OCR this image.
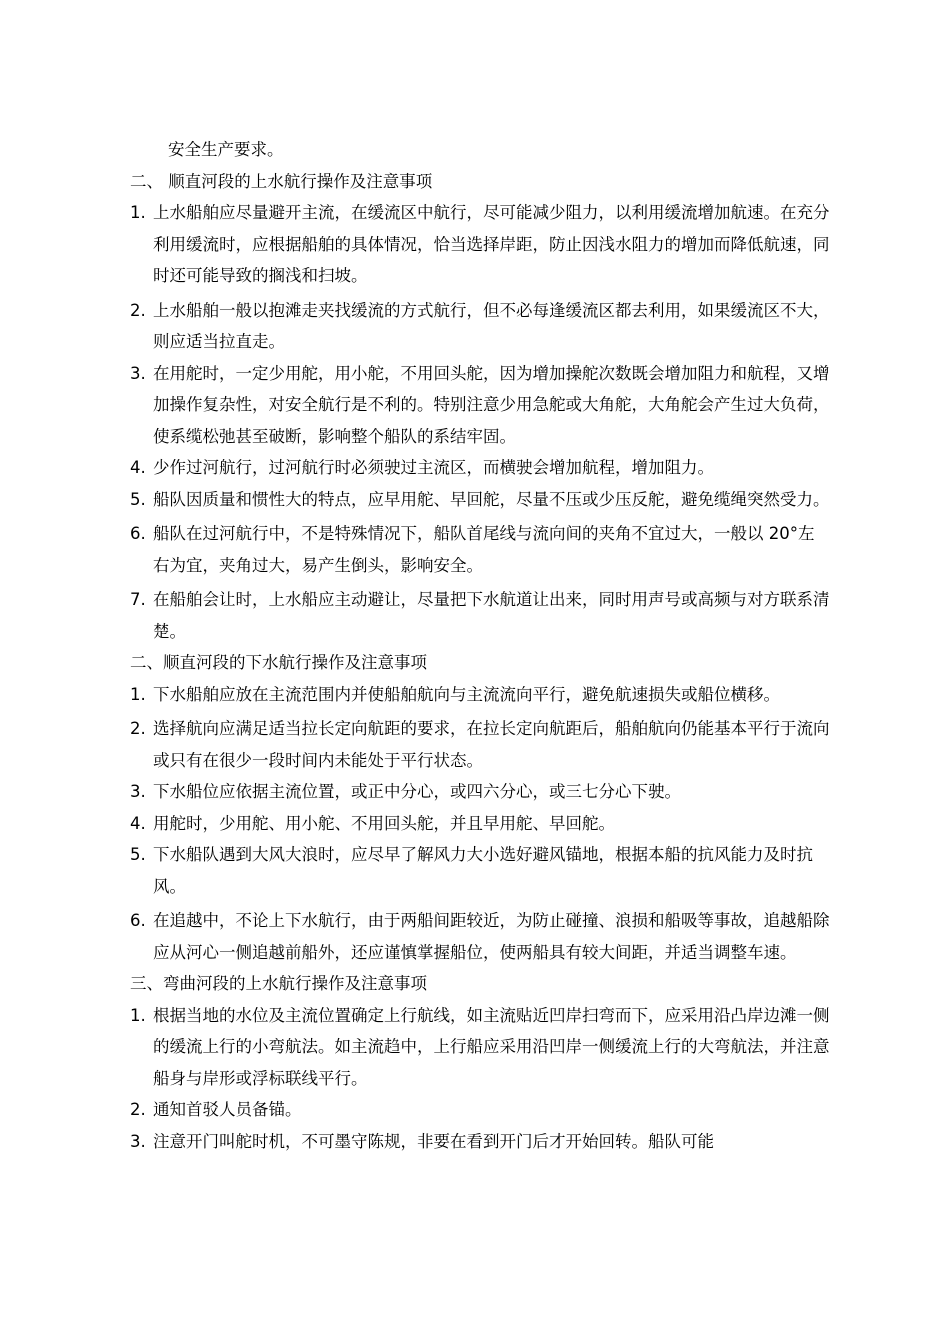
安全生产要求。
二、 顺直河段的上水航行操作及注意事项
1. 上水船舶应尽量避开主流，在缓流区中航行，尽可能减少阻力，以利用缓流增加航速。在充分利用缓流时，应根据船舶的具体情况，恰当选择岸距，防止因浅水阻力的增加而降低航速，同时还可能导致的搁浅和扫坡。
2. 上水船舶一般以抱滩走夹找缓流的方式航行，但不必每逢缓流区都去利用，如果缓流区不大，则应适当拉直走。
3. 在用舵时，一定少用舵，用小舵，不用回头舵，因为增加操舵次数既会增加阻力和航程，又增加操作复杂性，对安全航行是不利的。特别注意少用急舵或大角舵，大角舵会产生过大负荷，使系缆松弛甚至破断，影响整个船队的系结牢固。
4. 少作过河航行，过河航行时必须驶过主流区，而横驶会增加航程，增加阻力。
5. 船队因质量和惯性大的特点，应早用舵、早回舵，尽量不压或少压反舵，避免缆绳突然受力。
6. 船队在过河航行中，不是特殊情况下，船队首尾线与流向间的夹角不宜过大，一般以 20°左右为宜，夹角过大，易产生倒头，影响安全。
7. 在船舶会让时，上水船应主动避让，尽量把下水航道让出来，同时用声号或高频与对方联系清楚。
二、顺直河段的下水航行操作及注意事项
1. 下水船舶应放在主流范围内并使船舶航向与主流流向平行，避免航速损失或船位横移。
2. 选择航向应满足适当拉长定向航距的要求，在拉长定向航距后，船舶航向仍能基本平行于流向或只有在很少一段时间内未能处于平行状态。
3. 下水船位应依据主流位置，或正中分心，或四六分心，或三七分心下驶。
4. 用舵时，少用舵、用小舵、不用回头舵，并且早用舵、早回舵。
5. 下水船队遇到大风大浪时，应尽早了解风力大小选好避风锚地，根据本船的抗风能力及时抗风。
6. 在追越中，不论上下水航行，由于两船间距较近，为防止碰撞、浪损和船吸等事故，追越船除应从河心一侧追越前船外，还应谨慎掌握船位，使两船具有较大间距，并适当调整车速。
三、弯曲河段的上水航行操作及注意事项
1. 根据当地的水位及主流位置确定上行航线，如主流贴近凹岸扫弯而下，应采用沿凸岸边滩一侧的缓流上行的小弯航法。如主流趋中，上行船应采用沿凹岸一侧缓流上行的大弯航法，并注意船身与岸形或浮标联线平行。
2. 通知首驳人员备锚。
3. 注意开门叫舵时机，不可墨守陈规，非要在看到开门后才开始回转。船队可能
